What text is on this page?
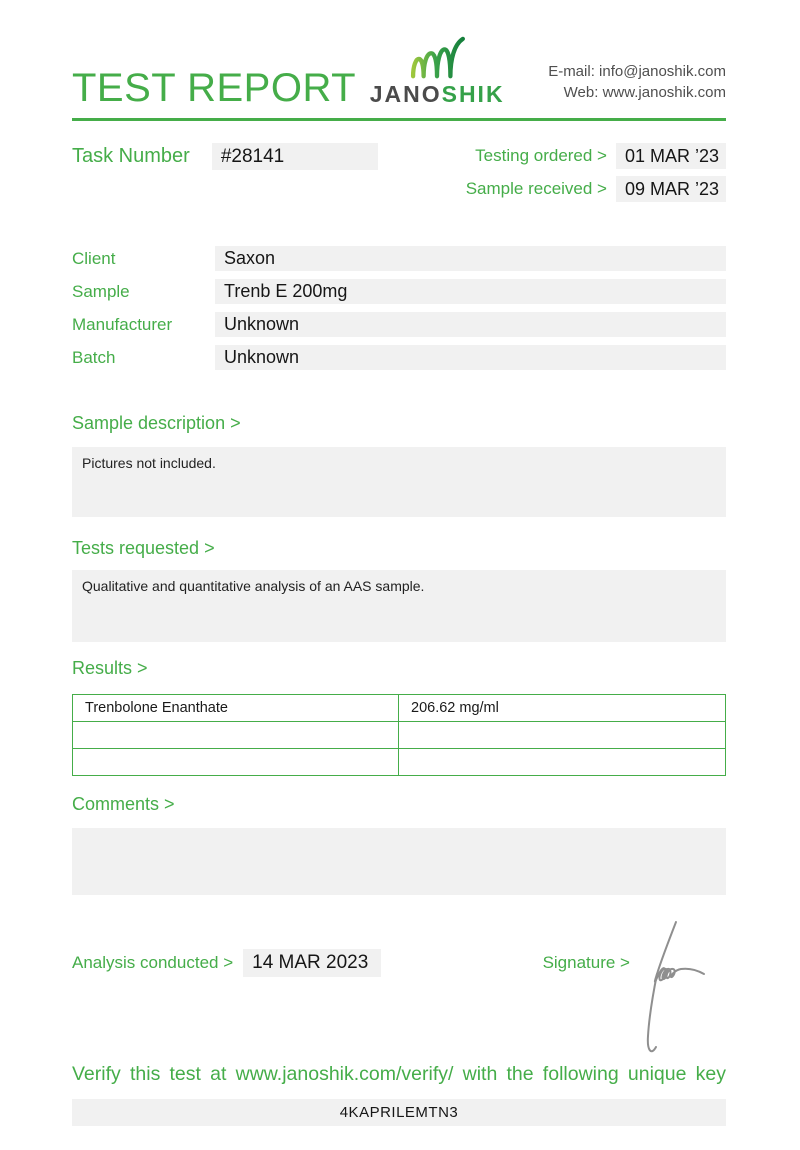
TEST REPORT JANOSHIK
E-mail: info@janoshik.com
Web: www.janoshik.com
Task Number	#28141	Testing ordered >	01 MAR ’23
Sample received >	09 MAR ’23
Client	Saxon
Sample	Trenb E 200mg
Manufacturer	Unknown
Batch	Unknown
Sample description >
Pictures not included.
Tests requested >
Qualitative and quantitative analysis of an AAS sample.
Results >
Trenbolone Enanthate	206.62 mg/ml

Comments >
Analysis conducted >	14 MAR 2023	Signature >
Verify this test at www.janoshik.com/verify/ with the following unique key
4KAPRILEMTN3
